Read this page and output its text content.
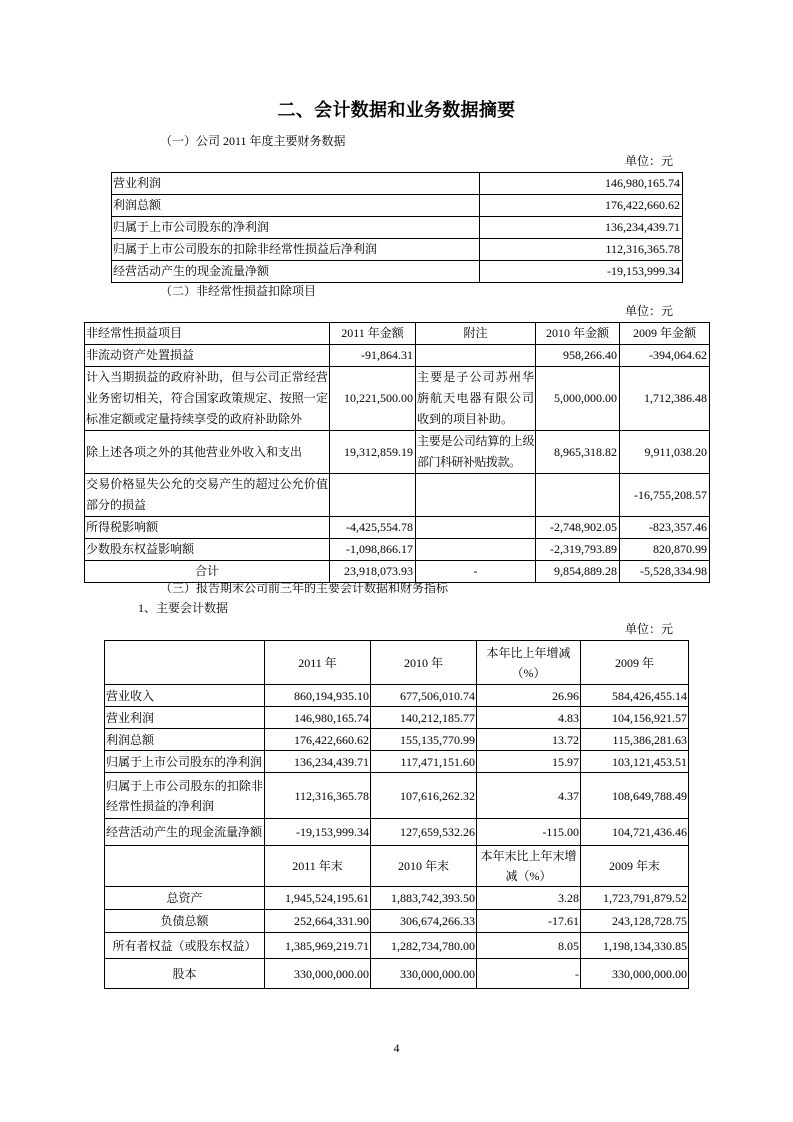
二、会计数据和业务数据摘要
（一）公司 2011 年度主要财务数据
单位：元
营业利润	146,980,165.74
利润总额	176,422,660.62
归属于上市公司股东的净利润	136,234,439.71
归属于上市公司股东的扣除非经常性损益后净利润	112,316,365.78
经营活动产生的现金流量净额	-19,153,999.34
（二）非经常性损益扣除项目
单位：元
非经常性损益项目	2011 年金额	附注	2010 年金额	2009 年金额
非流动资产处置损益	-91,864.31		958,266.40	-394,064.62
计入当期损益的政府补助，但与公司正常经营业务密切相关，符合国家政策规定、按照一定标准定额或定量持续享受的政府补助除外	10,221,500.00	主要是子公司苏州华旃航天电器有限公司收到的项目补助。	5,000,000.00	1,712,386.48
除上述各项之外的其他营业外收入和支出	19,312,859.19	主要是公司结算的上级部门科研补贴拨款。	8,965,318.82	9,911,038.20
交易价格显失公允的交易产生的超过公允价值部分的损益				-16,755,208.57
所得税影响额	-4,425,554.78		-2,748,902.05	-823,357.46
少数股东权益影响额	-1,098,866.17		-2,319,793.89	820,870.99
合计	23,918,073.93	-	9,854,889.28	-5,528,334.98
（三）报告期末公司前三年的主要会计数据和财务指标
1、主要会计数据
单位：元
	2011 年	2010 年	本年比上年增减（%）	2009 年
营业收入	860,194,935.10	677,506,010.74	26.96	584,426,455.14
营业利润	146,980,165.74	140,212,185.77	4.83	104,156,921.57
利润总额	176,422,660.62	155,135,770.99	13.72	115,386,281.63
归属于上市公司股东的净利润	136,234,439.71	117,471,151.60	15.97	103,121,453.51
归属于上市公司股东的扣除非经常性损益的净利润	112,316,365.78	107,616,262.32	4.37	108,649,788.49
经营活动产生的现金流量净额	-19,153,999.34	127,659,532.26	-115.00	104,721,436.46
	2011 年末	2010 年末	本年末比上年末增减（%）	2009 年末
总资产	1,945,524,195.61	1,883,742,393.50	3.28	1,723,791,879.52
负债总额	252,664,331.90	306,674,266.33	-17.61	243,128,728.75
所有者权益（或股东权益）	1,385,969,219.71	1,282,734,780.00	8.05	1,198,134,330.85
股本	330,000,000.00	330,000,000.00	-	330,000,000.00
4
